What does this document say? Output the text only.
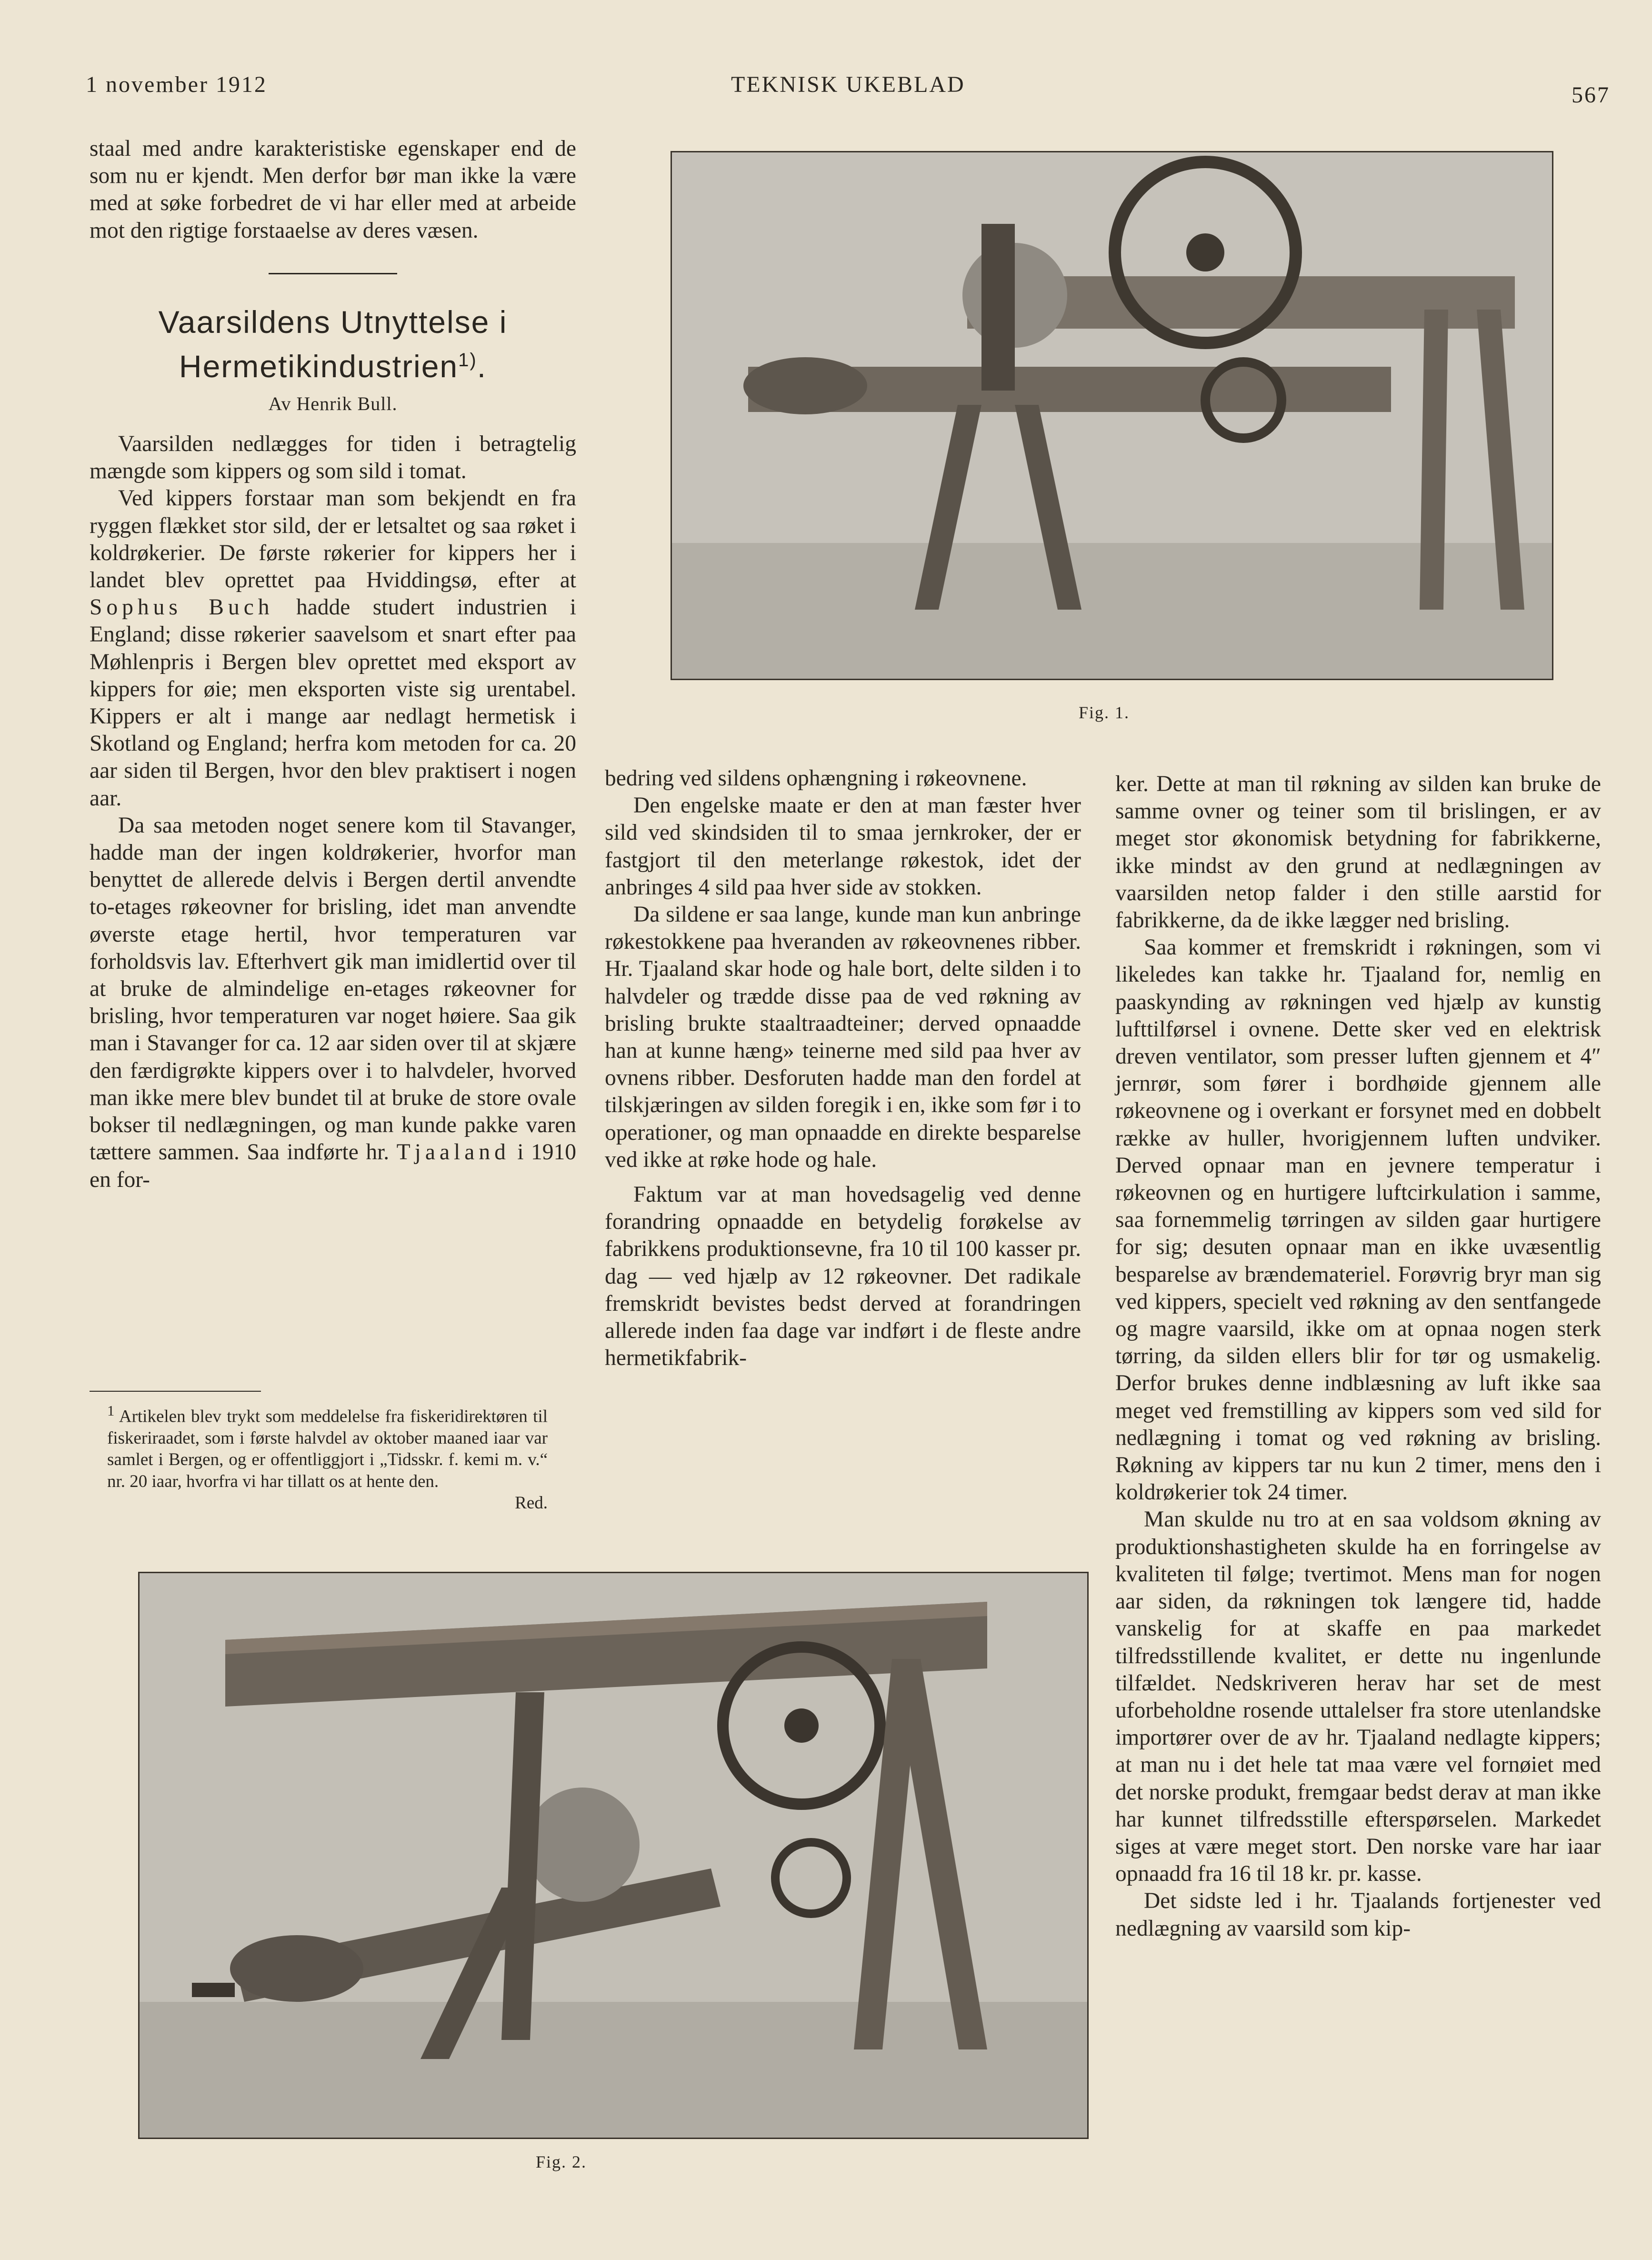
1 november 1912	TEKNISK UKEBLAD	567

staal med andre karakteristiske egenskaper end de som nu er kjendt. Men derfor bør man ikke la være med at søke forbedret de vi har eller med at arbeide mot den rigtige forstaaelse av deres væsen.

Vaarsildens Utnyttelse i
Hermetikindustrien$^{1)}$.
Av Henrik Bull.

Vaarsilden nedlægges for tiden i betragtelig mængde som kippers og som sild i tomat.

Ved kippers forstaar man som bekjendt en fra ryggen flækket stor sild, der er letsaltet og saa røket i koldrøkerier. De første røkerier for kippers her i landet blev oprettet paa Hviddingsø, efter at Sophus Buch hadde studert industrien i England; disse røkerier saavelsom et snart efter paa Møhlenpris i Bergen blev oprettet med eksport av kippers for øie; men eksporten viste sig urentabel. Kippers er alt i mange aar nedlagt hermetisk i Skotland og England; herfra kom metoden for ca. 20 aar siden til Bergen, hvor den blev praktisert i nogen aar.

Da saa metoden noget senere kom til Stavanger, hadde man der ingen koldrøkerier, hvorfor man benyttet de allerede delvis i Bergen dertil anvendte to-etages røkeovner for brisling, idet man anvendte øverste etage hertil, hvor temperaturen var forholdsvis lav. Efterhvert gik man imidlertid over til at bruke de almindelige en-etages røkeovner for brisling, hvor temperaturen var noget høiere. Saa gik man i Stavanger for ca. 12 aar siden over til at skjære den færdigrøkte kippers over i to halvdeler, hvorved man ikke mere blev bundet til at bruke de store ovale bokser til nedlægningen, og man kunde pakke varen tættere sammen. Saa indførte hr. Tjaaland i 1910 en for-

$^1$ Artikelen blev trykt som meddelelse fra fiskeridirektøren til fiskeriraadet, som i første halvdel av oktober maaned iaar var samlet i Bergen, og er offentliggjort i „Tidsskr. f. kemi m. v.“ nr. 20 iaar, hvorfra vi har tillatt os at hente den.

Red.

Fig. 1.

bedring ved sildens ophængning i røkeovnene.

Den engelske maate er den at man fæster hver sild ved skindsiden til to smaa jernkroker, der er fastgjort til den meterlange røkestok, idet der anbringes 4 sild paa hver side av stokken.

Da sildene er saa lange, kunde man kun anbringe røkestokkene paa hveranden av røkeovnenes ribber. Hr. Tjaaland skar hode og hale bort, delte silden i to halvdeler og trædde disse paa de ved røkning av brisling brukte staaltraadteiner; derved opnaadde han at kunne hæng» teinerne med sild paa hver av ovnens ribber. Desforuten hadde man den fordel at tilskjæringen av silden foregik i en, ikke som før i to operationer, og man opnaadde en direkte besparelse ved ikke at røke hode og hale.

Faktum var at man hovedsagelig ved denne forandring opnaadde en betydelig forøkelse av fabrikkens produktionsevne, fra 10 til 100 kasser pr. dag — ved hjælp av 12 røkeovner. Det radikale fremskridt bevistes bedst derved at forandringen allerede inden faa dage var indført i de fleste andre hermetikfabrik-

ker. Dette at man til røkning av silden kan bruke de samme ovner og teiner som til brislingen, er av meget stor økonomisk betydning for fabrikkerne, ikke mindst av den grund at nedlægningen av vaarsilden netop falder i den stille aarstid for fabrikkerne, da de ikke lægger ned brisling.

Saa kommer et fremskridt i røkningen, som vi likeledes kan takke hr. Tjaaland for, nemlig en paaskynding av røkningen ved hjælp av kunstig lufttilførsel i ovnene. Dette sker ved en elektrisk dreven ventilator, som presser luften gjennem et 4″ jernrør, som fører i bordhøide gjennem alle røkeovnene og i overkant er forsynet med en dobbelt række av huller, hvorigjennem luften undviker. Derved opnaar man en jevnere temperatur i røkeovnen og en hurtigere luftcirkulation i samme, saa fornemmelig tørringen av silden gaar hurtigere for sig; desuten opnaar man en ikke uvæsentlig besparelse av brændemateriel. Forøvrig bryr man sig ved kippers, specielt ved røkning av den sentfangede og magre vaarsild, ikke om at opnaa nogen sterk tørring, da silden ellers blir for tør og usmakelig. Derfor brukes denne indblæsning av luft ikke saa meget ved fremstilling av kippers som ved sild for nedlægning i tomat og ved røkning av brisling. Røkning av kippers tar nu kun 2 timer, mens den i koldrøkerier tok 24 timer.

Man skulde nu tro at en saa voldsom økning av produktionshastigheten skulde ha en forringelse av kvaliteten til følge; tvertimot. Mens man for nogen aar siden, da røkningen tok længere tid, hadde vanskelig for at skaffe en paa markedet tilfredsstillende kvalitet, er dette nu ingenlunde tilfældet. Nedskriveren herav har set de mest uforbeholdne rosende uttalelser fra store utenlandske importører over de av hr. Tjaaland nedlagte kippers; at man nu i det hele tat maa være vel fornøiet med det norske produkt, fremgaar bedst derav at man ikke har kunnet tilfredsstille efterspørselen. Markedet siges at være meget stort. Den norske vare har iaar opnaadd fra 16 til 18 kr. pr. kasse.

Det sidste led i hr. Tjaalands fortjenester ved nedlægning av vaarsild som kip-

Fig. 2.
